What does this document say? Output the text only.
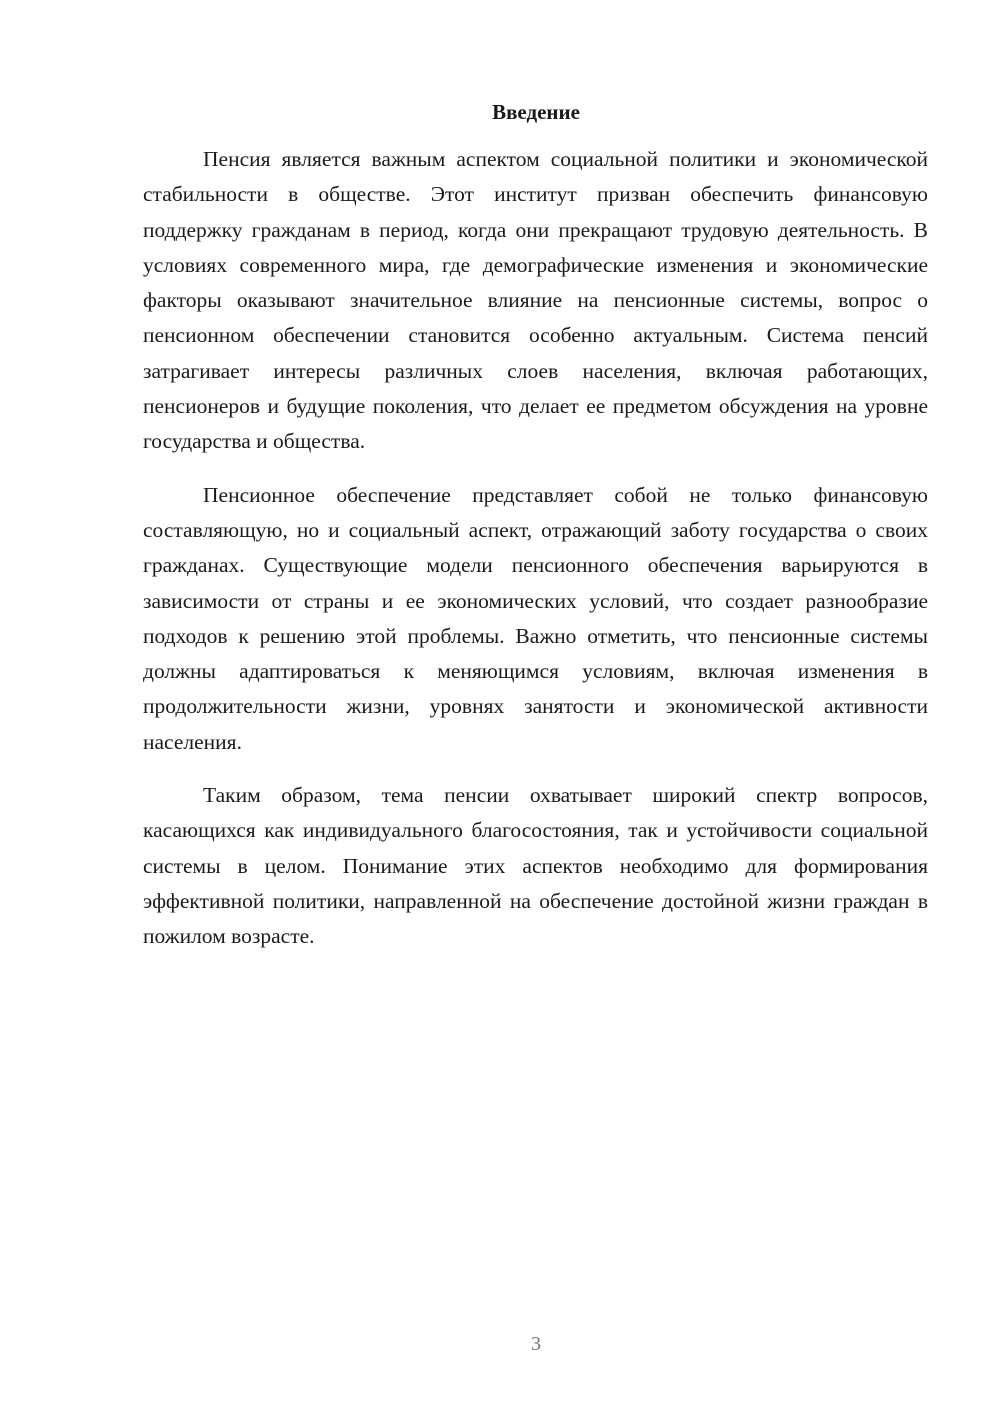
Введение

Пенсия является важным аспектом социальной политики и экономической стабильности в обществе. Этот институт призван обеспечить финансовую поддержку гражданам в период, когда они прекращают трудовую деятельность. В условиях современного мира, где демографические изменения и экономические факторы оказывают значительное влияние на пенсионные системы, вопрос о пенсионном обеспечении становится особенно актуальным. Система пенсий затрагивает интересы различных слоев населения, включая работающих, пенсионеров и будущие поколения, что делает ее предметом обсуждения на уровне государства и общества.

Пенсионное обеспечение представляет собой не только финансовую составляющую, но и социальный аспект, отражающий заботу государства о своих гражданах. Существующие модели пенсионного обеспечения варьируются в зависимости от страны и ее экономических условий, что создает разнообразие подходов к решению этой проблемы. Важно отметить, что пенсионные системы должны адаптироваться к меняющимся условиям, включая изменения в продолжительности жизни, уровнях занятости и экономической активности населения.

Таким образом, тема пенсии охватывает широкий спектр вопросов, касающихся как индивидуального благосостояния, так и устойчивости социальной системы в целом. Понимание этих аспектов необходимо для формирования эффективной политики, направленной на обеспечение достойной жизни граждан в пожилом возрасте.

3
